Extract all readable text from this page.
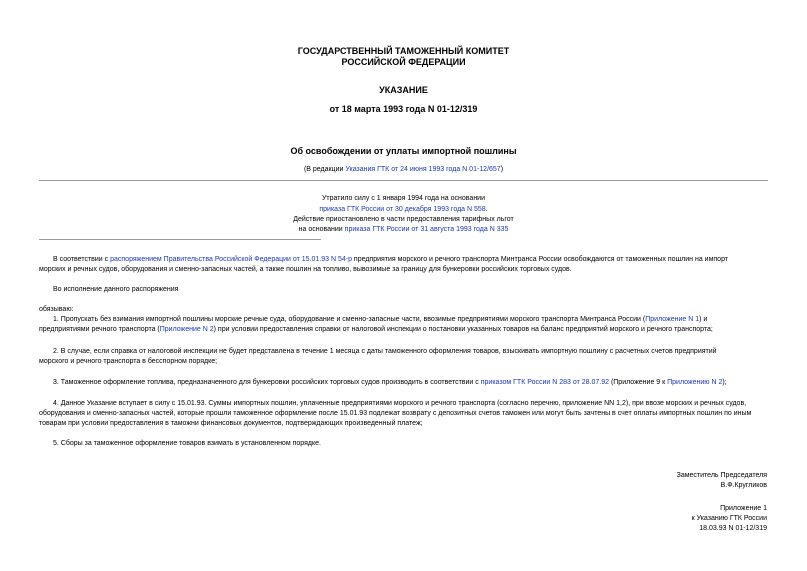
ГОСУДАРСТВЕННЫЙ ТАМОЖЕННЫЙ КОМИТЕТ
РОССИЙСКОЙ ФЕДЕРАЦИИ
УКАЗАНИЕ
от 18 марта 1993 года N 01-12/319
Об освобождении от уплаты импортной пошлины
(В редакции Указания ГТК от 24 июня 1993 года N 01-12/657)
Утратило силу с 1 января 1994 года на основании
приказа ГТК России от 30 декабря 1993 года N 558.
Действие приостановлено в части предоставления тарифных льгот
на основании приказа ГТК России от 31 августа 1993 года N 335
В соответствии с распоряжением Правительства Российской Федерации от 15.01.93 N 54-р предприятия морского и речного транспорта Минтранса России освобождаются от таможенных пошлин на импорт
морских и речных судов, оборудования и сменно-запасных частей, а также пошлин на топливо, вывозимые за границу для бункеровки российских торговых судов.
Во исполнение данного распоряжения
обязываю:
1. Пропускать без взимания импортной пошлины морские речные суда, оборудование и сменно-запасные части, ввозимые предприятиями морского транспорта Минтранса России (Приложение N 1) и
предприятиями речного транспорта (Приложение N 2) при условии предоставления справки от налоговой инспекции о постановки указанных товаров на баланс предприятий морского и речного транспорта;
2. В случае, если справка от налоговой инспекции не будет представлена в течение 1 месяца с даты таможенного оформления товаров, взыскивать импортную пошлину с расчетных счетов предприятий
морского и речного транспорта в бесспорном порядке;
3. Таможенное оформление топлива, предназначенного для бункеровки российских торговых судов производить в соответствии с приказом ГТК России N 283 от 28.07.92 (Приложение 9 к Приложению N 2);
4. Данное Указание вступает в силу с 15.01.93. Суммы импортных пошлин, уплаченные предприятиями морского и речного транспорта (согласно перечню, приложение NN 1,2), при ввозе морских и речных судов,
оборудования и сменно-запасных частей, которые прошли таможенное оформление после 15.01.93 подлежат возврату с депозитных счетов таможен или могут быть зачтены в счет оплаты импортных пошлин по иным
товарам при условии предоставления в таможни финансовых документов, подтверждающих произведенный платеж;
5. Сборы за таможенное оформление товаров взимать в установленном порядке.
Заместитель Председателя
В.Ф.Кругликов
Приложение 1
к Указанию ГТК России
18.03.93 N 01-12/319
